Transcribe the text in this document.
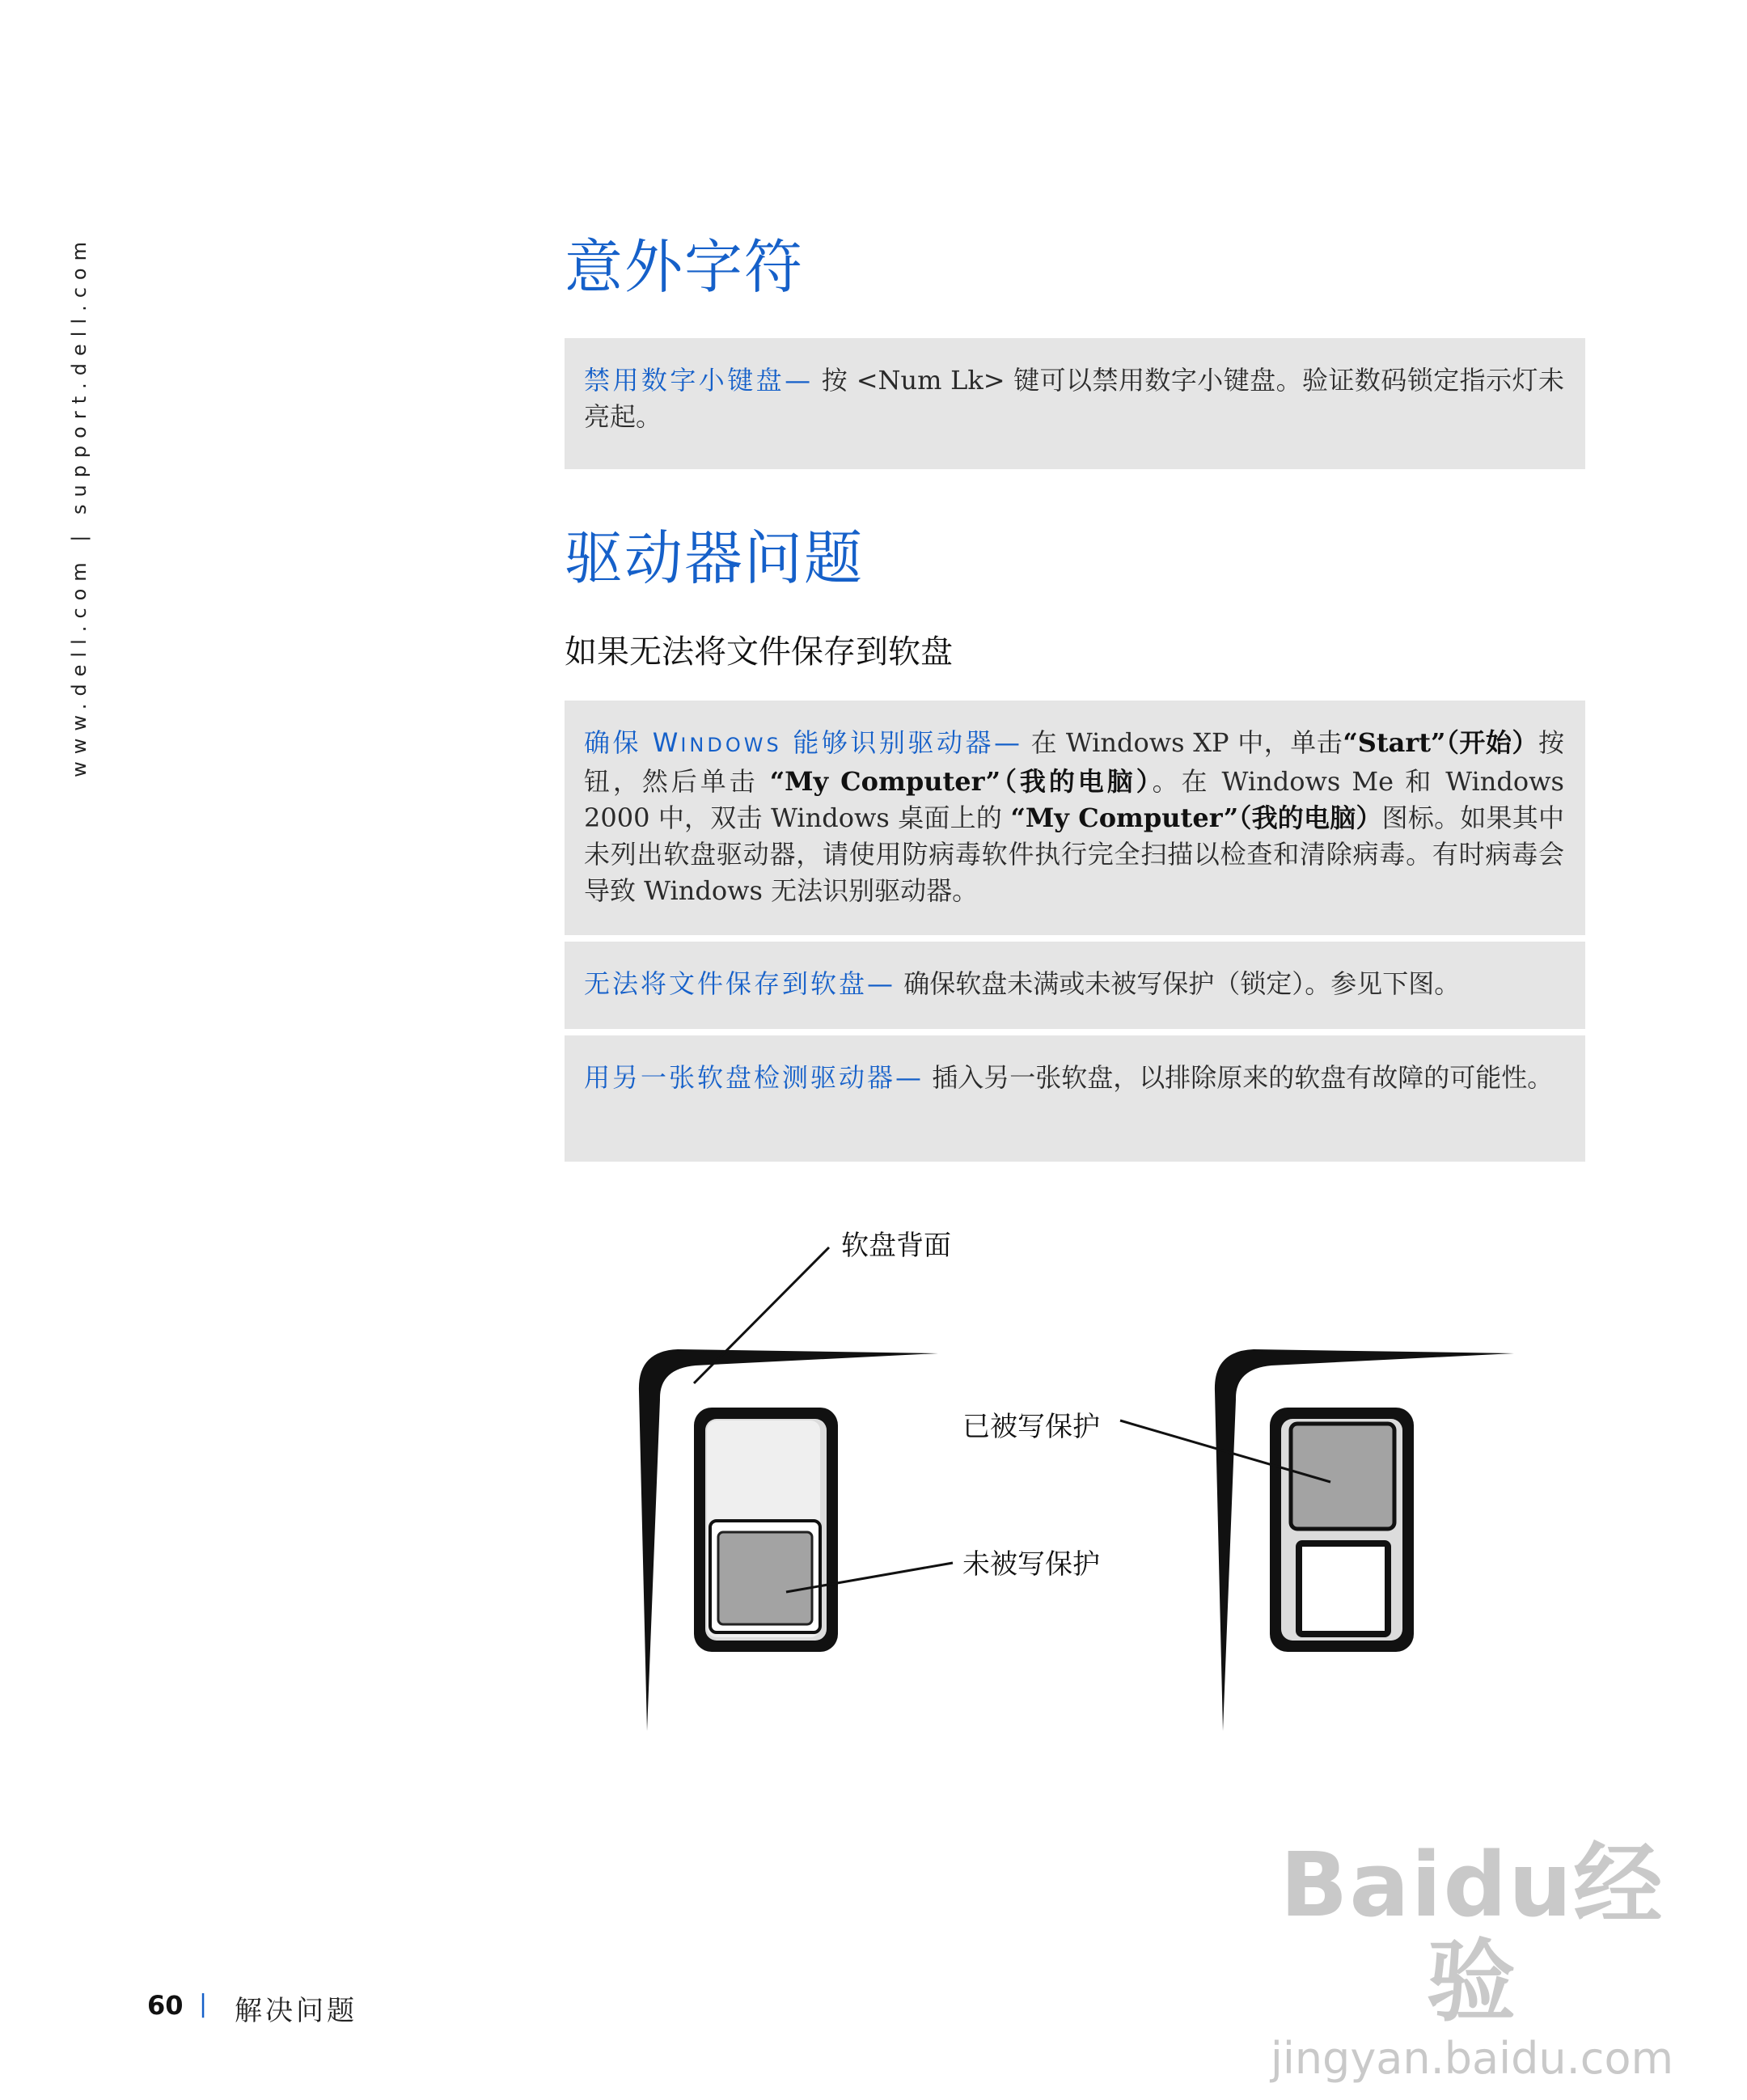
www.dell.com | support.dell.com	意外字符
禁用数字小键盘— 按 <Num Lk> 键可以禁用数字小键盘。验证数码锁定指示灯未亮起。
驱动器问题
如果无法将文件保存到软盘
确保 WINDOWS 能够识别驱动器— 在 Windows XP 中，单击“Start”（开始）按钮，然后单击 “My Computer”（我的电脑）。在 Windows Me 和 Windows 2000 中，双击 Windows 桌面上的 “My Computer”（我的电脑）图标。如果其中未列出软盘驱动器，请使用防病毒软件执行完全扫描以检查和清除病毒。有时病毒会导致 Windows 无法识别驱动器。
无法将文件保存到软盘— 确保软盘未满或未被写保护（锁定）。参见下图。
用另一张软盘检测驱动器— 插入另一张软盘，以排除原来的软盘有故障的可能性。
软盘背面
已被写保护
未被写保护
60 | 解决问题
Baidu经验
jingyan.baidu.com
